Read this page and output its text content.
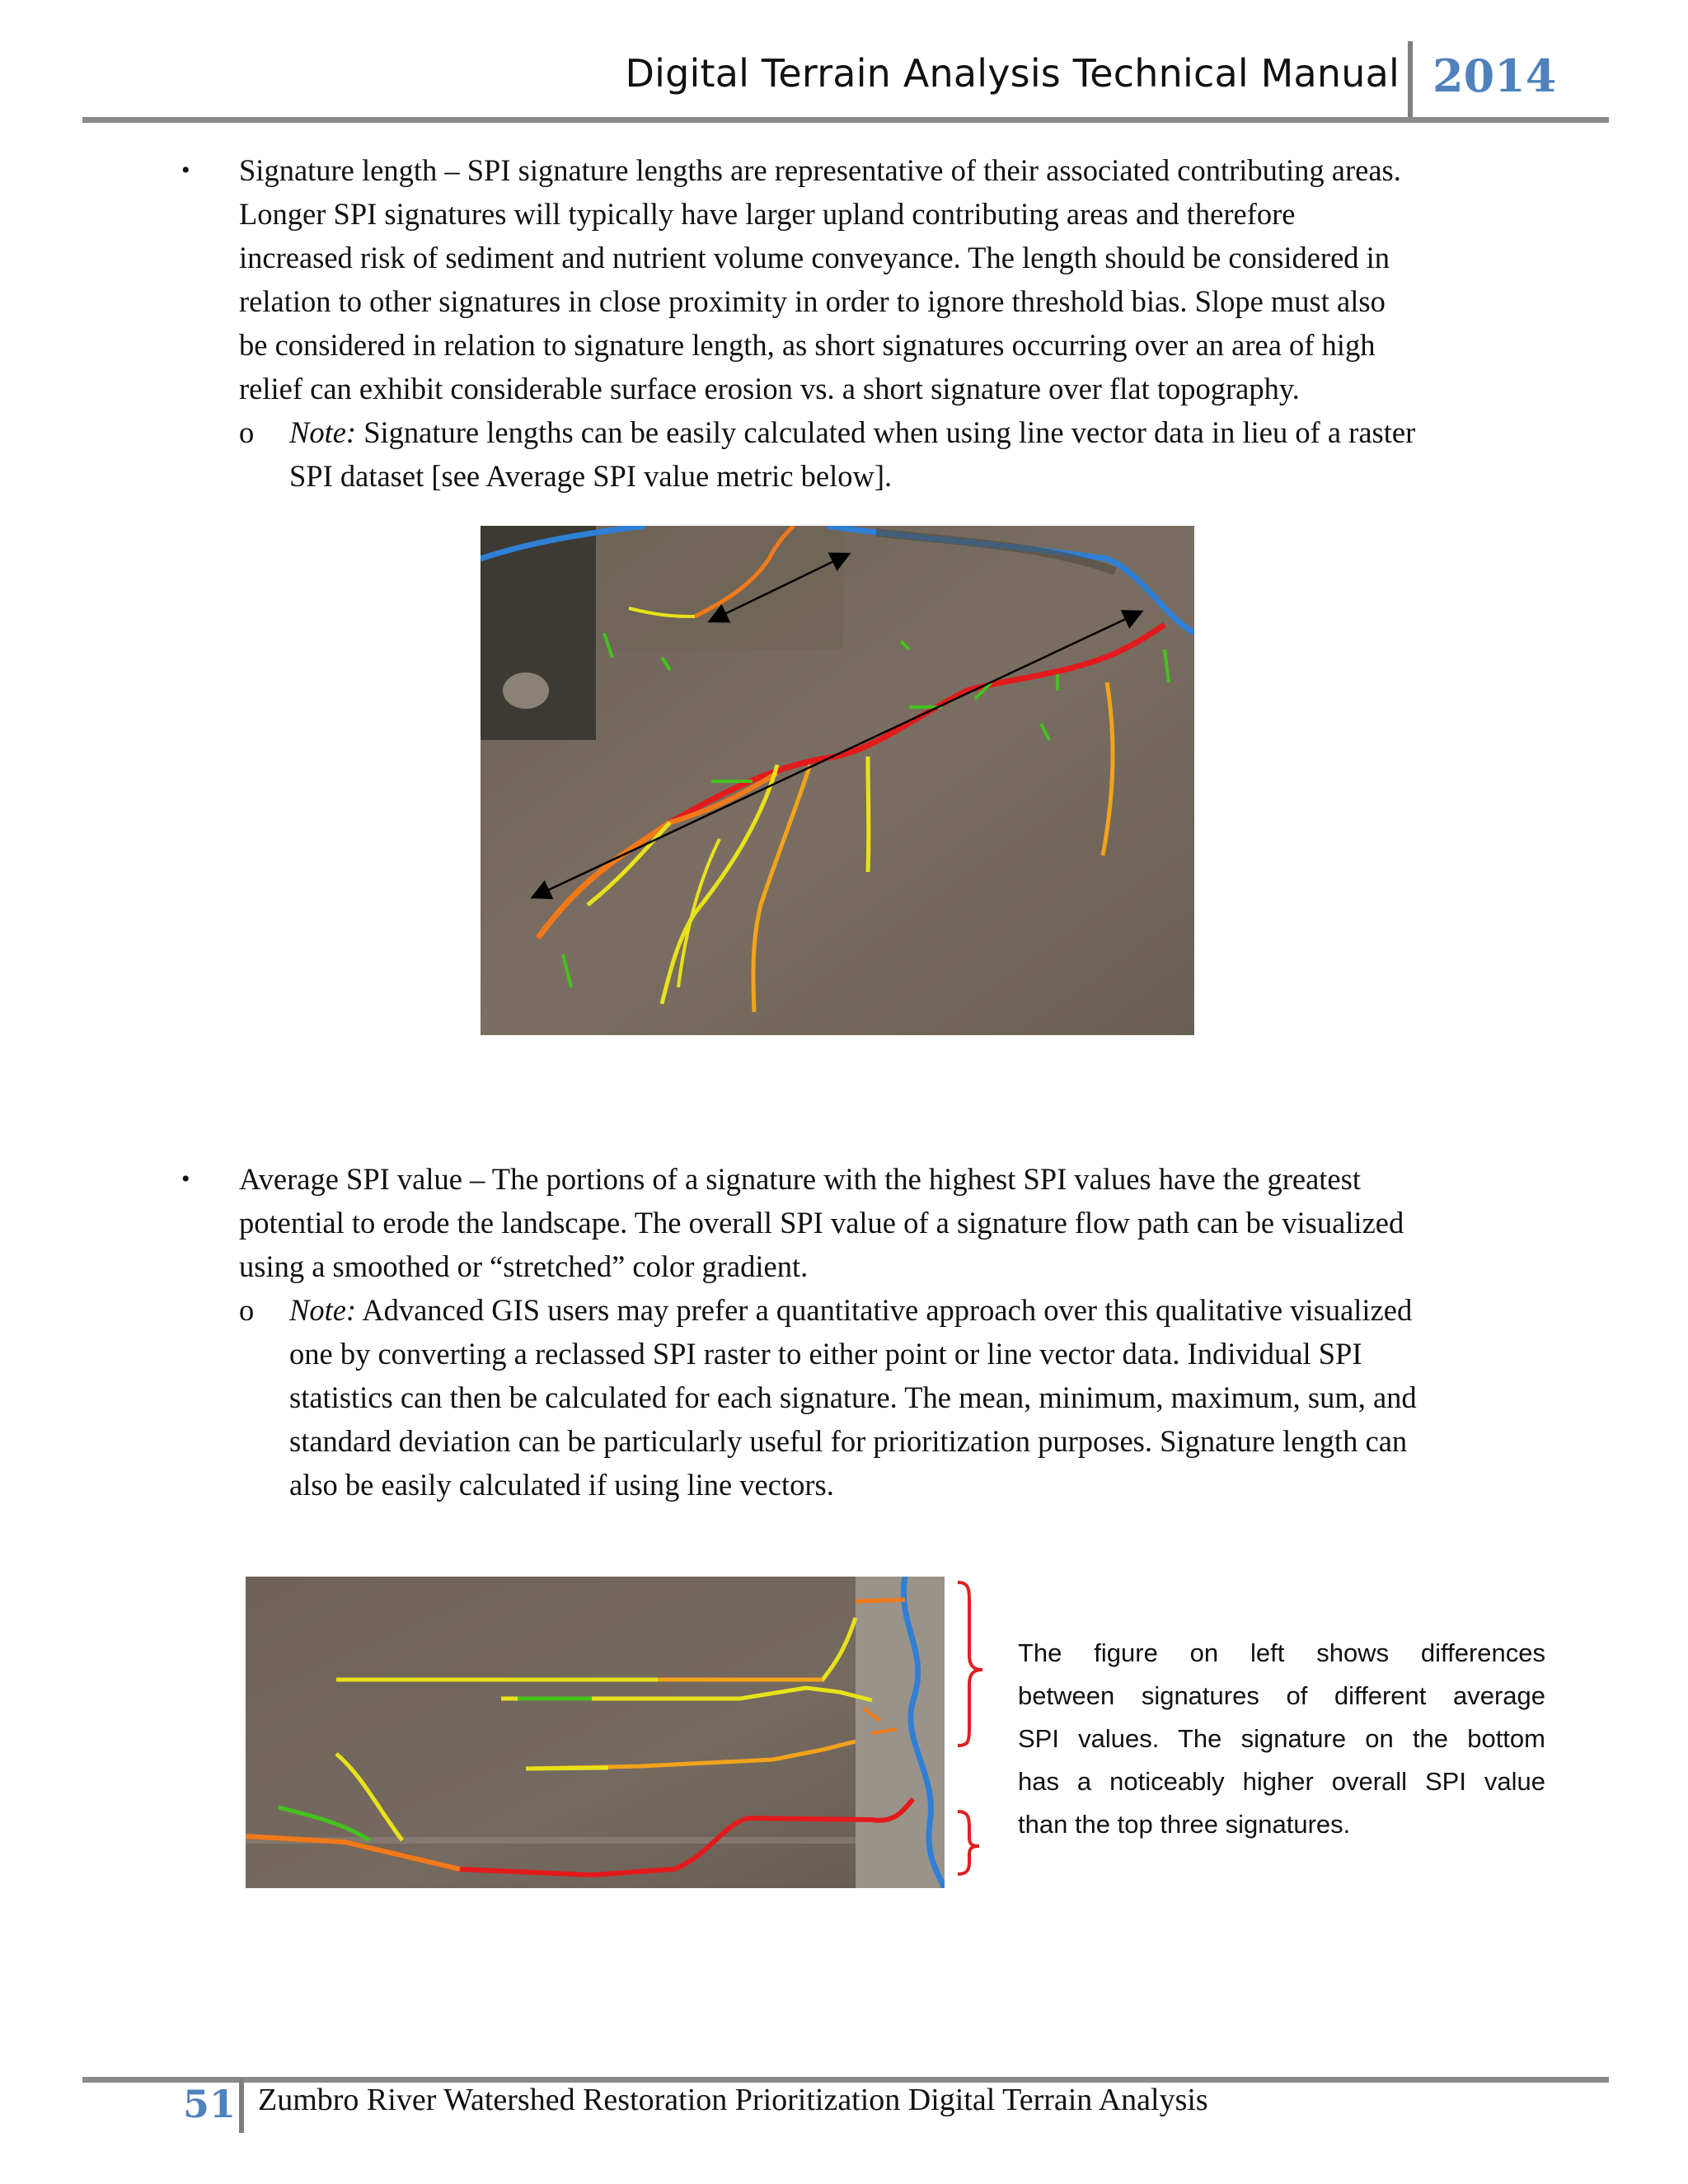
Digital Terrain Analysis Technical Manual 2014
• Signature length – SPI signature lengths are representative of their associated contributing areas.
Longer SPI signatures will typically have larger upland contributing areas and therefore
increased risk of sediment and nutrient volume conveyance. The length should be considered in
relation to other signatures in close proximity in order to ignore threshold bias. Slope must also
be considered in relation to signature length, as short signatures occurring over an area of high
relief can exhibit considerable surface erosion vs. a short signature over flat topography.
o Note: Signature lengths can be easily calculated when using line vector data in lieu of a raster
SPI dataset [see Average SPI value metric below].
• Average SPI value – The portions of a signature with the highest SPI values have the greatest
potential to erode the landscape. The overall SPI value of a signature flow path can be visualized
using a smoothed or “stretched” color gradient.
o Note: Advanced GIS users may prefer a quantitative approach over this qualitative visualized
one by converting a reclassed SPI raster to either point or line vector data. Individual SPI
statistics can then be calculated for each signature. The mean, minimum, maximum, sum, and
standard deviation can be particularly useful for prioritization purposes. Signature length can
also be easily calculated if using line vectors.
The figure on left shows differences
between signatures of different average
SPI values. The signature on the bottom
has a noticeably higher overall SPI value
than the top three signatures.
51 Zumbro River Watershed Restoration Prioritization Digital Terrain Analysis
